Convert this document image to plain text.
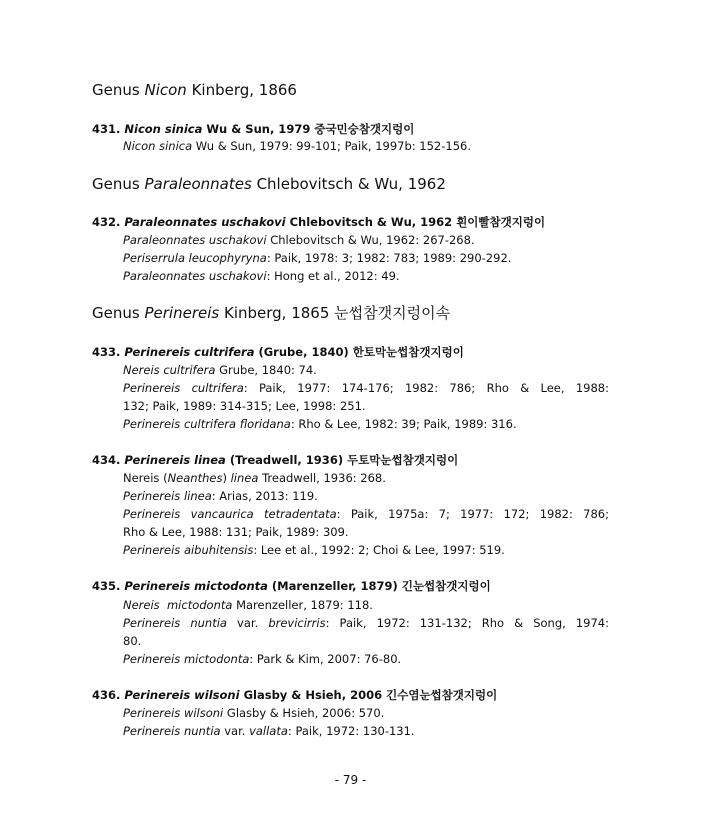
Genus Nicon Kinberg, 1866
431. Nicon sinica Wu & Sun, 1979 중국민숭참갯지렁이
Nicon sinica Wu & Sun, 1979: 99-101; Paik, 1997b: 152-156.
Genus Paraleonnates Chlebovitsch & Wu, 1962
432. Paraleonnates uschakovi Chlebovitsch & Wu, 1962 흰이빨참갯지렁이
Paraleonnates uschakovi Chlebovitsch & Wu, 1962: 267-268.
Periserrula leucophyryna: Paik, 1978: 3; 1982: 783; 1989: 290-292.
Paraleonnates uschakovi: Hong et al., 2012: 49.
Genus Perinereis Kinberg, 1865 눈썹참갯지렁이속
433. Perinereis cultrifera (Grube, 1840) 한토막눈썹참갯지렁이
Nereis cultrifera Grube, 1840: 74.
Perinereis cultrifera: Paik, 1977: 174-176; 1982: 786; Rho & Lee, 1988:
132; Paik, 1989: 314-315; Lee, 1998: 251.
Perinereis cultrifera floridana: Rho & Lee, 1982: 39; Paik, 1989: 316.
434. Perinereis linea (Treadwell, 1936) 두토막눈썹참갯지렁이
Nereis (Neanthes) linea Treadwell, 1936: 268.
Perinereis linea: Arias, 2013: 119.
Perinereis vancaurica tetradentata: Paik, 1975a: 7; 1977: 172; 1982: 786;
Rho & Lee, 1988: 131; Paik, 1989: 309.
Perinereis aibuhitensis: Lee et al., 1992: 2; Choi & Lee, 1997: 519.
435. Perinereis mictodonta (Marenzeller, 1879) 긴눈썹참갯지렁이
Nereis  mictodonta Marenzeller, 1879: 118.
Perinereis nuntia var. brevicirris: Paik, 1972: 131-132; Rho & Song, 1974:
80.
Perinereis mictodonta: Park & Kim, 2007: 76-80.
436. Perinereis wilsoni Glasby & Hsieh, 2006 긴수염눈썹참갯지렁이
Perinereis wilsoni Glasby & Hsieh, 2006: 570.
Perinereis nuntia var. vallata: Paik, 1972: 130-131.
- 79 -
